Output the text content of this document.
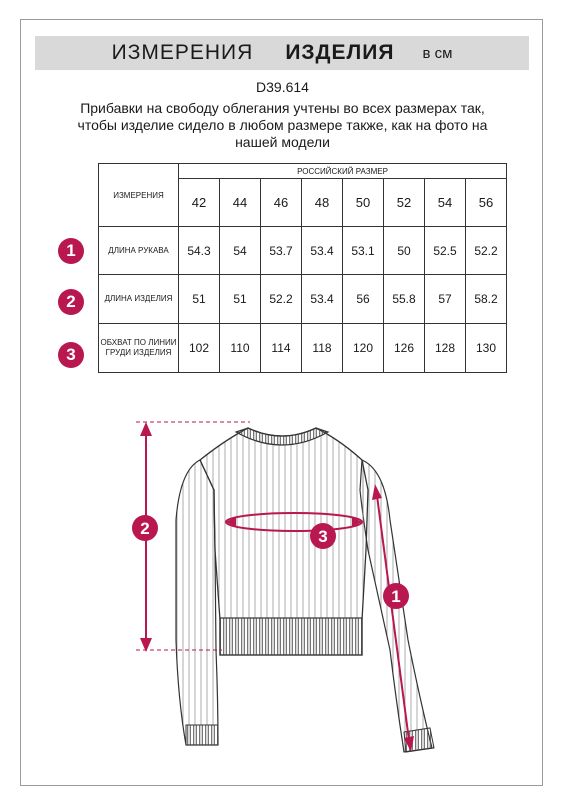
ИЗМЕРЕНИЯ ИЗДЕЛИЯ в см
D39.614
Прибавки на свободу облегания учтены во всех размерах так, чтобы изделие сидело в любом размере также, как на фото на нашей модели
ИЗМЕРЕНИЯ	РОССИЙСКИЙ РАЗМЕР							
	42	44	46	48	50	52	54	56
ДЛИНА РУКАВА	54.3	54	53.7	53.4	53.1	50	52.5	52.2
ДЛИНА ИЗДЕЛИЯ	51	51	52.2	53.4	56	55.8	57	58.2
ОБХВАТ ПО ЛИНИИ ГРУДИ ИЗДЕЛИЯ	102	110	114	118	120	126	128	130
1
2
3
2	3
1
